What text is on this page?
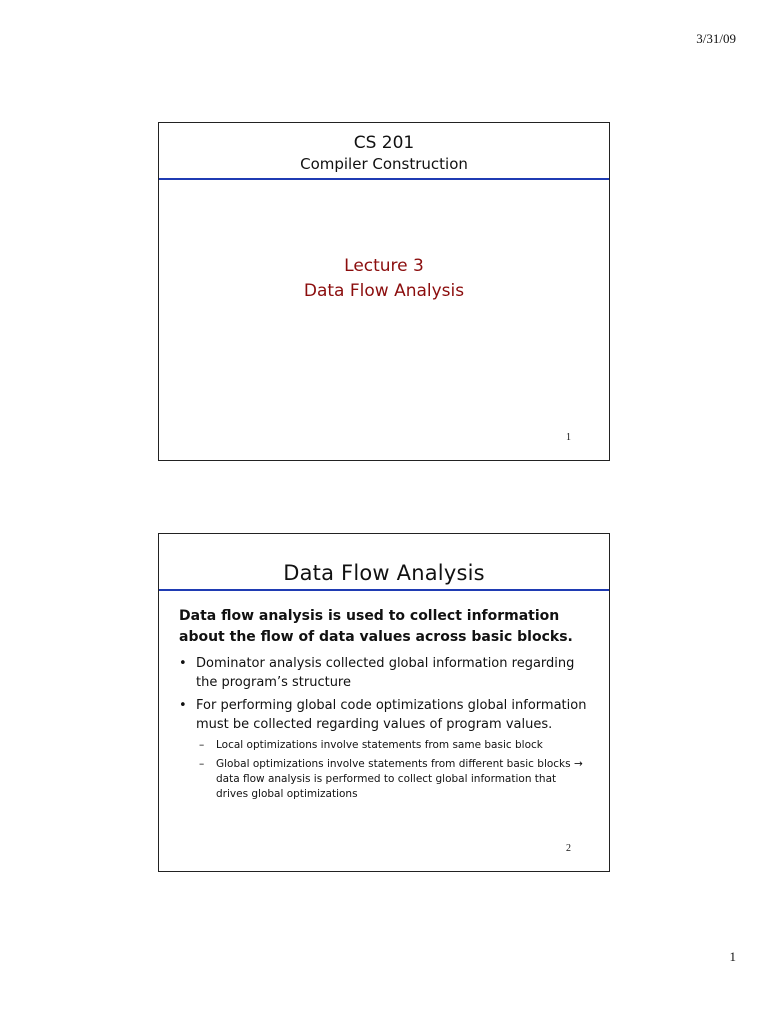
3/31/09
CS 201
Compiler Construction
Lecture 3
Data Flow Analysis
1
Data Flow Analysis
Data flow analysis is used to collect information
about the flow of data values across basic blocks.
• Dominator analysis collected global information regarding the program’s structure
• For performing global code optimizations global information must be collected regarding values of program values.
– Local optimizations involve statements from same basic block
– Global optimizations involve statements from different basic blocks → data flow analysis is performed to collect global information that drives global optimizations
2
1
